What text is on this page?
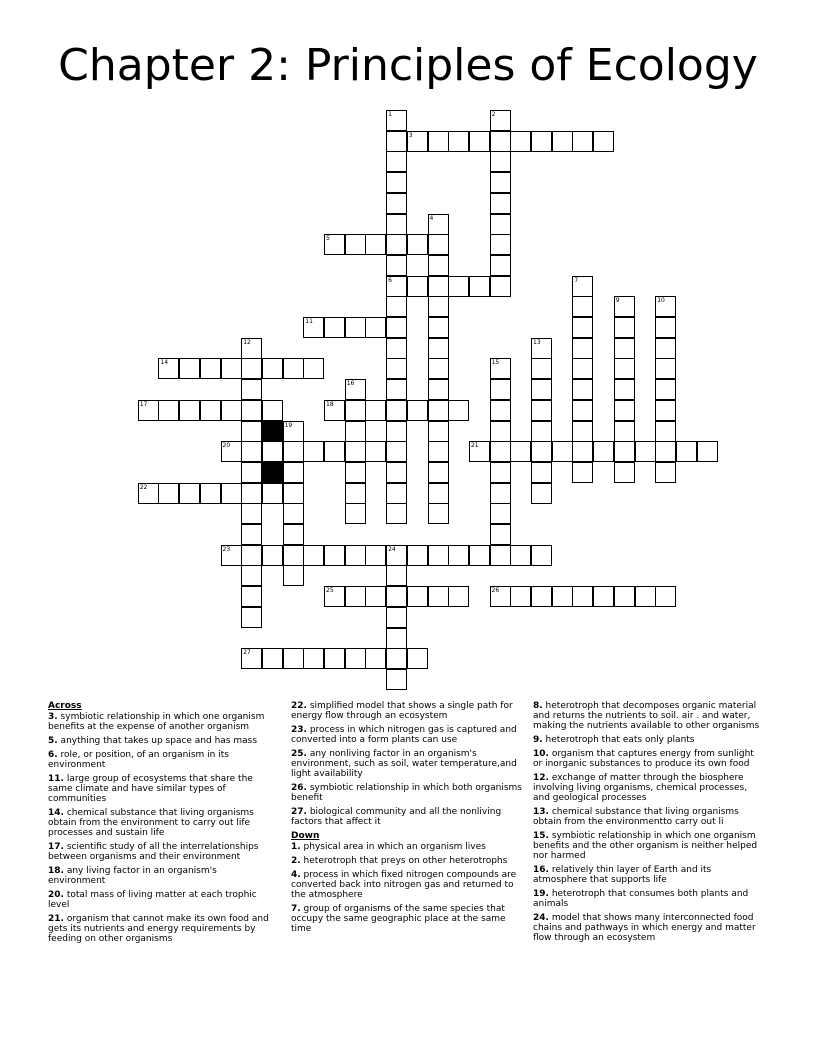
Chapter 2: Principles of Ecology
3
5
6
11
14
17	18
20	21
22
23	24
25	26
27
1	2
4
7
9	10
12	13
15
16
19
Across
3. symbiotic relationship in which one organism benefits at the expense of another organism
5. anything that takes up space and has mass
6. role, or position, of an organism in its environment
11. large group of ecosystems that share the same climate and have similar types of communities
14. chemical substance that living organisms obtain from the environment to carry out life processes and sustain life
17. scientific study of all the interrelationships between organisms and their environment
18. any living factor in an organism's environment
20. total mass of living matter at each trophic level
21. organism that cannot make its own food and gets its nutrients and energy requirements by feeding on other organisms
22. simplified model that shows a single path for energy flow through an ecosystem
23. process in which nitrogen gas is captured and converted into a form plants can use
25. any nonliving factor in an organism's environment, such as soil, water temperature,and light availability
26. symbiotic relationship in which both organisms benefit
27. biological community and all the nonliving factors that affect it
Down
1. physical area in which an organism lives
2. heterotroph that preys on other heterotrophs
4. process in which fixed nitrogen compounds are converted back into nitrogen gas and returned to the atmosphere
7. group of organisms of the same species that occupy the same geographic place at the same time
8. heterotroph that decomposes organic material and returns the nutrients to soil. air . and water, making the nutrients available to other organisms
9. heterotroph that eats only plants
10. organism that captures energy from sunlight or inorganic substances to produce its own food
12. exchange of matter through the biosphere involving living organisms, chemical processes, and geological processes
13. chemical substance that living organisms obtain from the environmentto carry out li
15. symbiotic relationship in which one organism benefits and the other organism is neither helped nor harmed
16. relatively thin layer of Earth and its atmosphere that supports life
19. heterotroph that consumes both plants and animals
24. model that shows many interconnected food chains and pathways in which energy and matter flow through an ecosystem
